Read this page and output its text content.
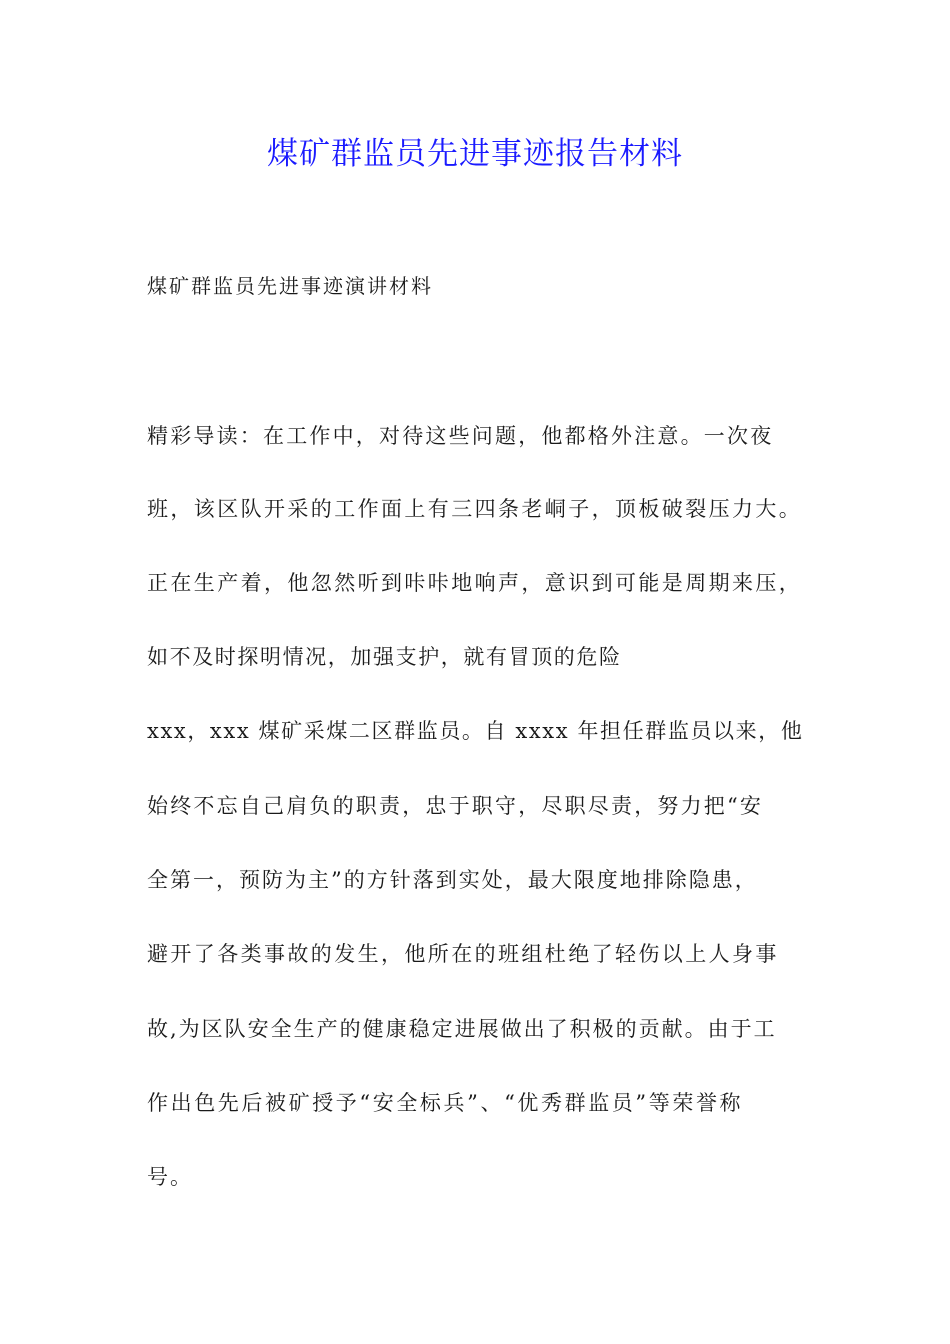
煤矿群监员先进事迹报告材料

煤矿群监员先进事迹演讲材料

精彩导读：在工作中，对待这些问题，他都格外注意。一次夜

班，该区队开采的工作面上有三四条老峒子，顶板破裂压力大。

正在生产着，他忽然听到咔咔地响声，意识到可能是周期来压，

如不及时探明情况，加强支护，就有冒顶的危险

xxx，xxx 煤矿采煤二区群监员。自 xxxx 年担任群监员以来，他

始终不忘自己肩负的职责，忠于职守，尽职尽责，努力把“安

全第一，预防为主”的方针落到实处，最大限度地排除隐患，

避开了各类事故的发生，他所在的班组杜绝了轻伤以上人身事

故,为区队安全生产的健康稳定进展做出了积极的贡献。由于工

作出色先后被矿授予“安全标兵”、“优秀群监员”等荣誉称

号。
